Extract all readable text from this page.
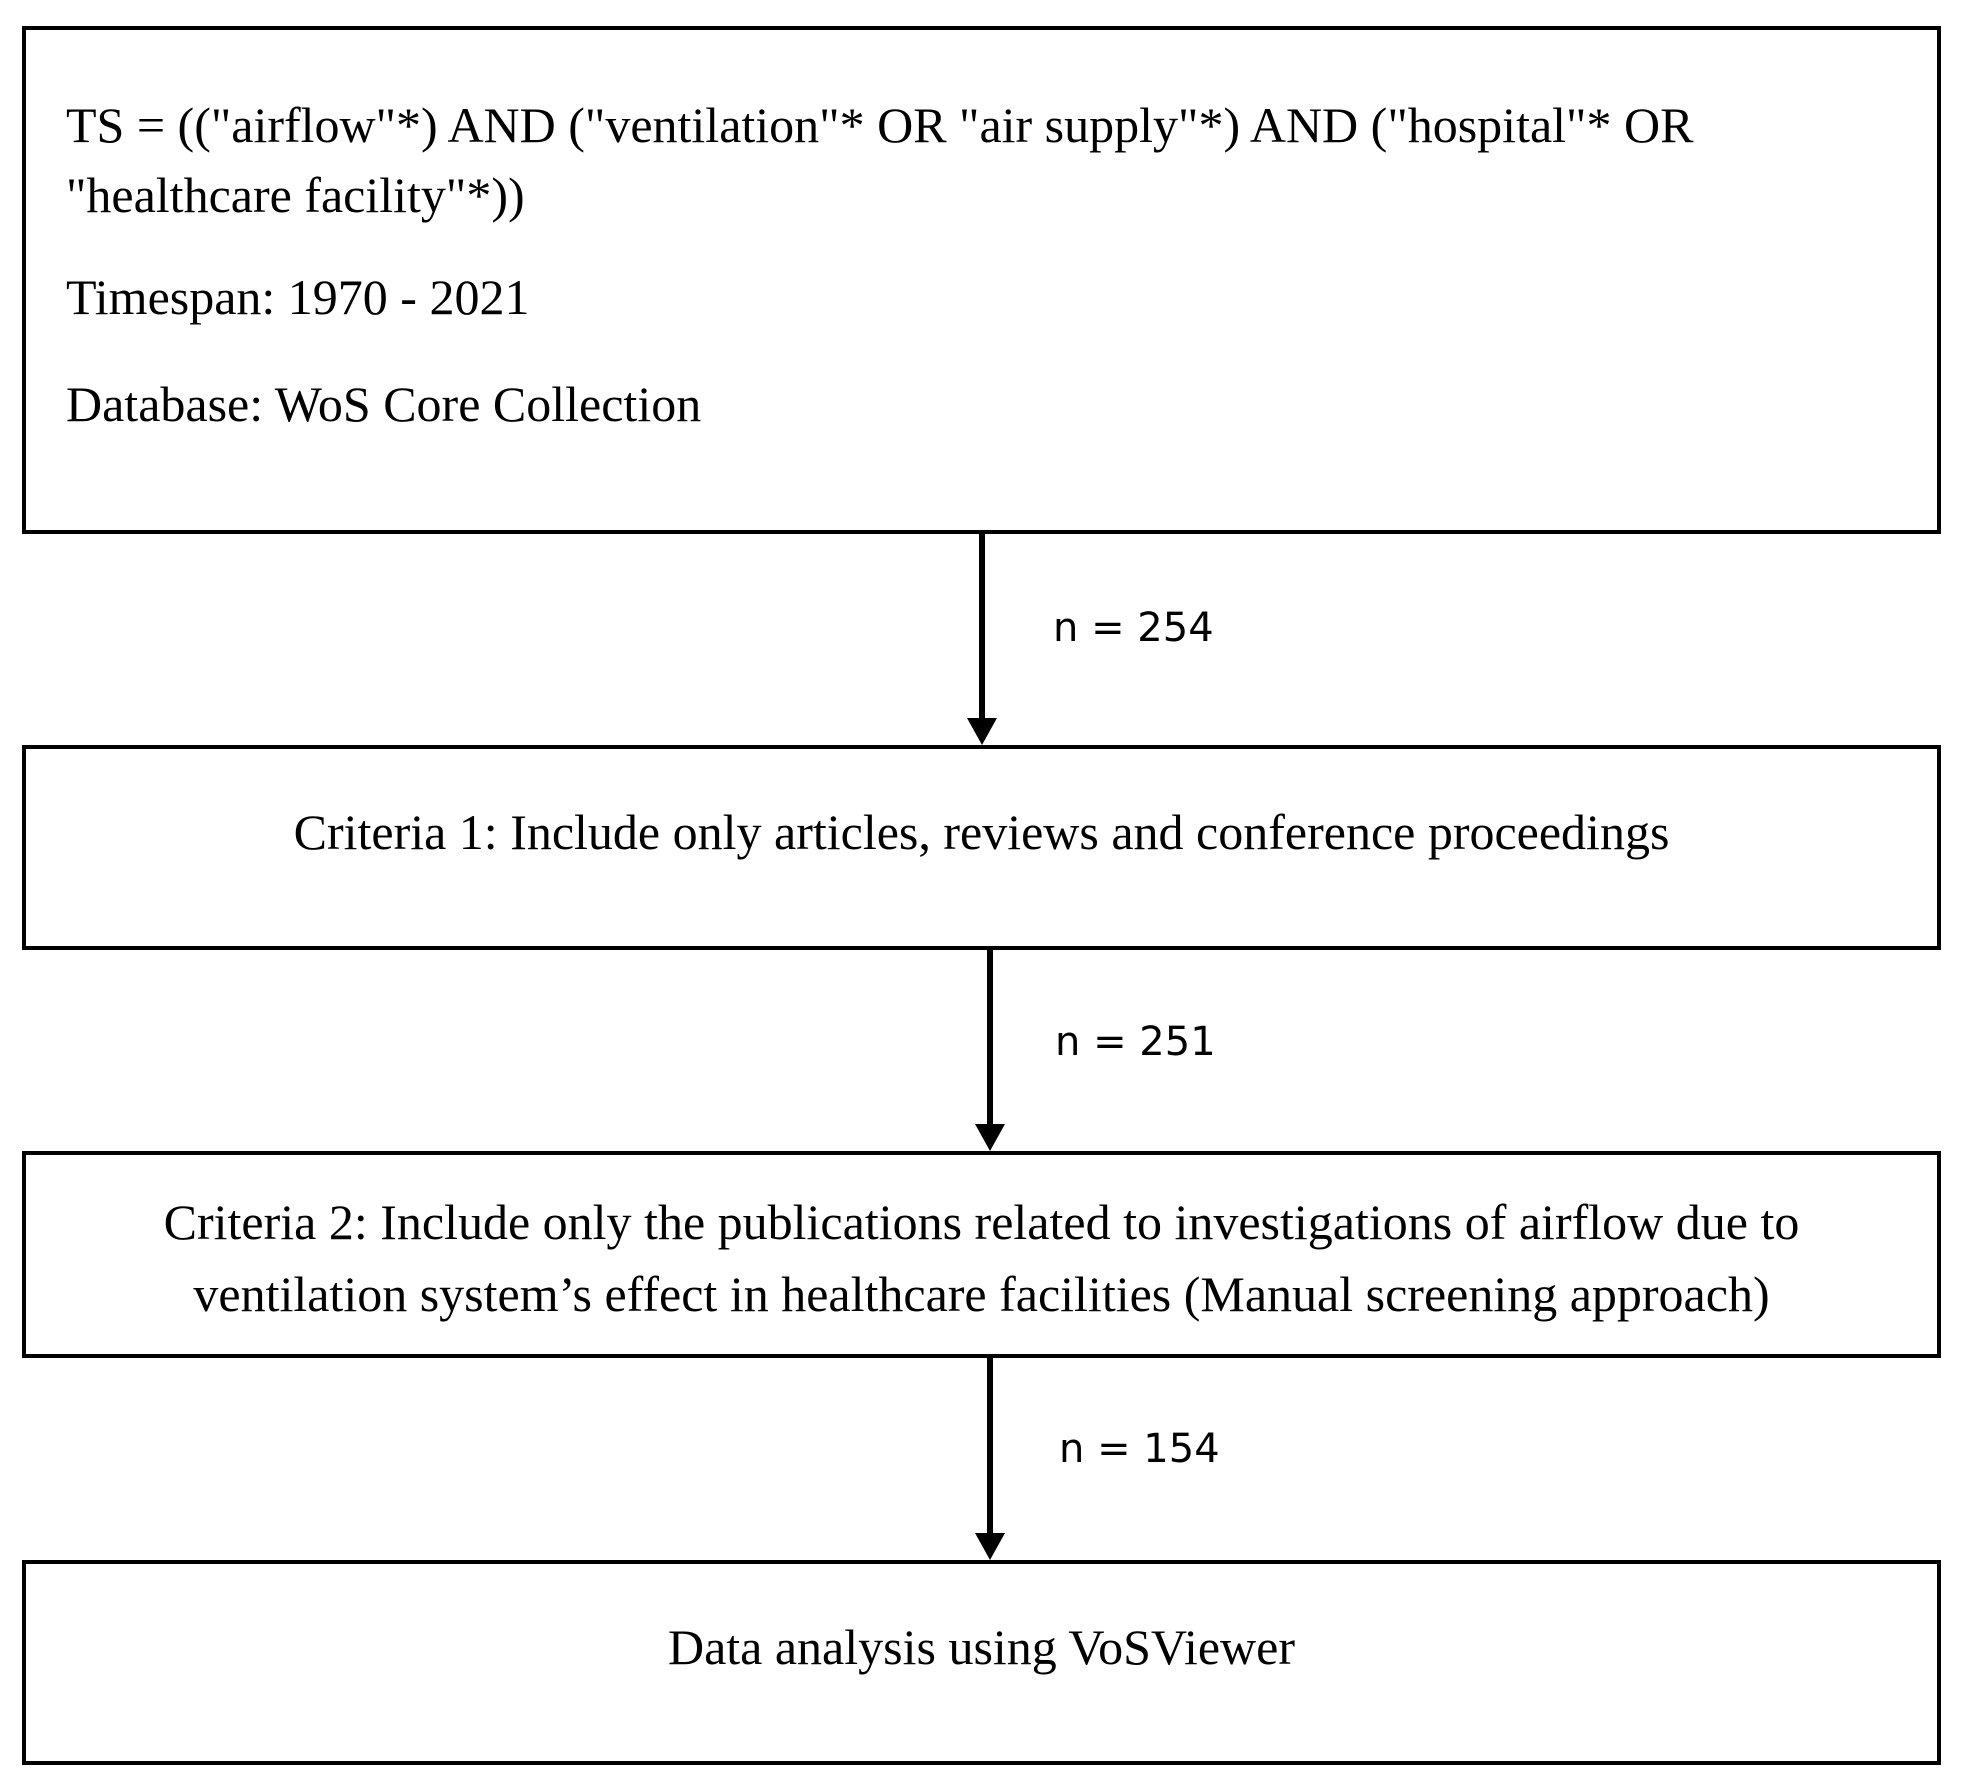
TS = (("airflow"*) AND ("ventilation"* OR "air supply"*) AND ("hospital"* OR
"healthcare facility"*))
Timespan: 1970 - 2021
Database: WoS Core Collection
n = 254
Criteria 1: Include only articles, reviews and conference proceedings
n = 251
Criteria 2: Include only the publications related to investigations of airflow due to
ventilation system’s effect in healthcare facilities (Manual screening approach)
n = 154
Data analysis using VoSViewer
